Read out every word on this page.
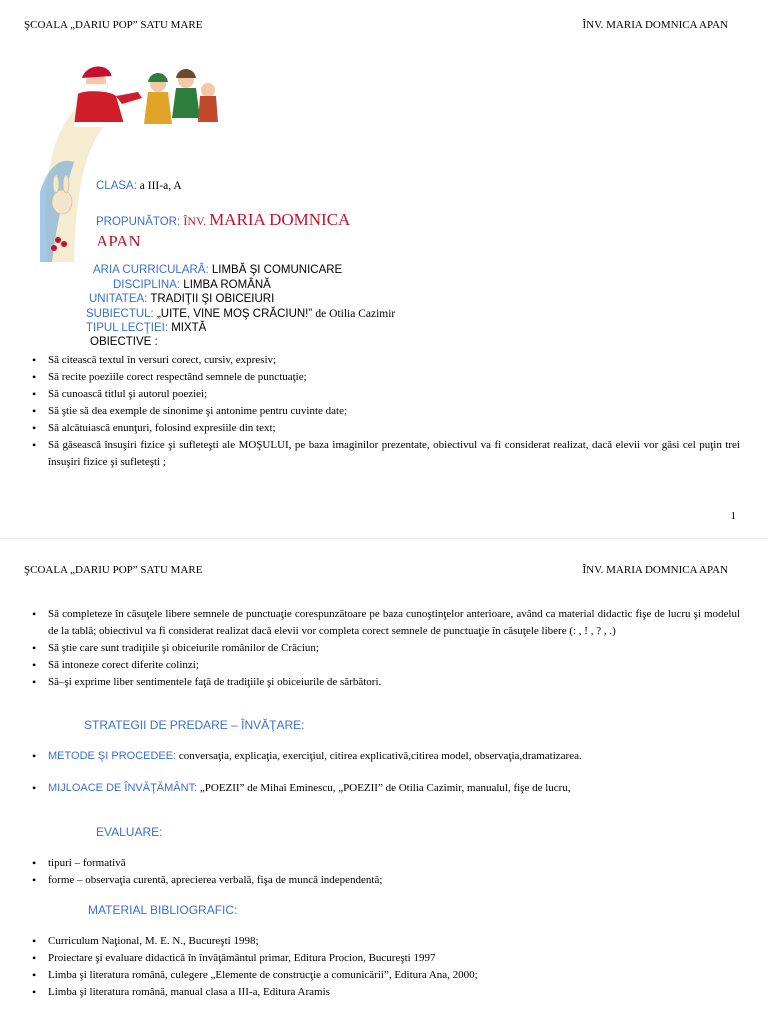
ŞCOALA „DARIU POP” SATU MARE	ÎNV. MARIA DOMNICA APAN
CLASA: a III-a, A
PROPUNĂTOR: ÎNV. MARIA DOMNICA
APAN
ARIA CURRICULARĂ: LIMBĂ ŞI COMUNICARE
DISCIPLINA: LIMBA ROMÂNĂ
UNITATEA: TRADIŢII ŞI OBICEIURI
SUBIECTUL: „UITE, VINE MOŞ CRĂCIUN!” de Otilia Cazimir
TIPUL LECŢIEI: MIXTĂ
OBIECTIVE :
• Să citească textul în versuri corect, cursiv, expresiv;
• Să recite poeziile corect respectând semnele de punctuaţie;
• Să cunoască titlul şi autorul poeziei;
• Să ştie să dea exemple de sinonime şi antonime pentru cuvinte date;
• Să alcătuiască enunţuri, folosind expresiile din text;
• Să găsească însuşiri fizice şi sufleteşti ale MOŞULUI, pe baza imaginilor prezentate, obiectivul va fi considerat realizat, dacă elevii vor găsi cel puţin trei însuşiri fizice şi sufleteşti ;
1
ŞCOALA „DARIU POP” SATU MARE	ÎNV. MARIA DOMNICA APAN
• Să completeze în căsuţele libere semnele de punctuaţie corespunzătoare pe baza cunoştinţelor anterioare, având ca material didactic fişe de lucru şi modelul de la tablă; obiectivul va fi considerat realizat dacă elevii vor completa corect semnele de punctuaţie în căsuţele libere (: , ! , ? , .)
• Să ştie care sunt tradiţiile şi obiceiurile românilor de Crăciun;
• Să intoneze corect diferite colinzi;
• Să–şi exprime liber sentimentele faţă de tradiţiile şi obiceiurile de sărbători.
STRATEGII DE PREDARE – ÎNVĂŢARE:
• METODE ŞI PROCEDEE: conversaţia, explicaţia, exerciţiul, citirea explicativă,citirea model, observaţia,dramatizarea.
• MIJLOACE DE ÎNVĂŢĂMÂNT: „POEZII” de Mihai Eminescu, „POEZII” de Otilia Cazimir, manualul, fişe de lucru,
EVALUARE:
• tipuri – formativă
• forme – observaţia curentă, aprecierea verbală, fişa de muncă independentă;
MATERIAL BIBLIOGRAFIC:
• Curriculum Naţional, M. E. N., Bucureşti 1998;
• Proiectare şi evaluare didactică în învăţământul primar, Editura Procion, Bucureşti 1997
• Limba şi literatura română, culegere „Elemente de construcţie a comunicării”, Editura Ana, 2000;
• Limba şi literatura română, manual clasa a III-a, Editura Aramis
